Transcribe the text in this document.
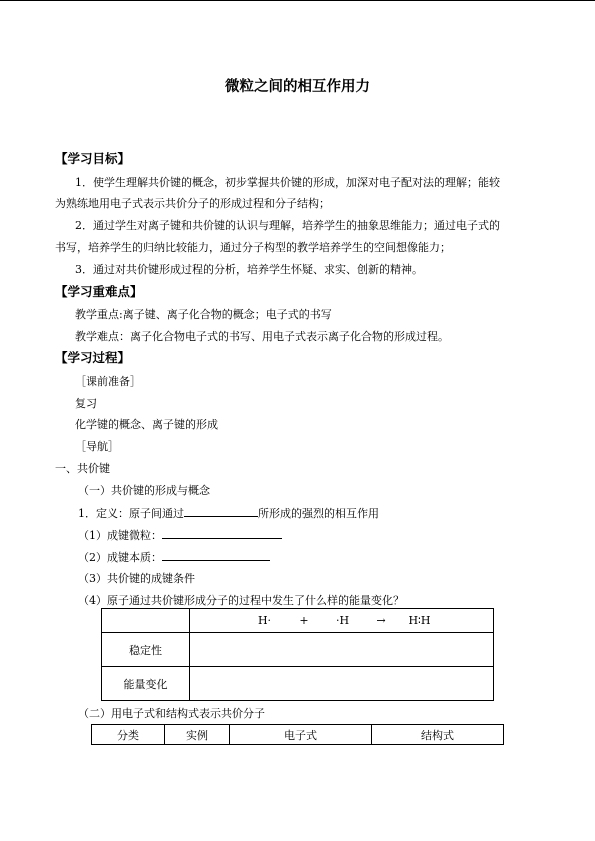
微粒之间的相互作用力
【学习目标】
1．使学生理解共价键的概念，初步掌握共价键的形成，加深对电子配对法的理解；能较
为熟练地用电子式表示共价分子的形成过程和分子结构；
2．通过学生对离子键和共价键的认识与理解，培养学生的抽象思维能力；通过电子式的
书写，培养学生的归纳比较能力，通过分子构型的教学培养学生的空间想像能力；
3．通过对共价键形成过程的分析，培养学生怀疑、求实、创新的精神。
【学习重难点】
教学重点:离子键、离子化合物的概念；电子式的书写
教学难点：离子化合物电子式的书写、用电子式表示离子化合物的形成过程。
【学习过程】
［课前准备］
复习
化学键的概念、离子键的形成
［导航］
一、共价键
（一）共价键的形成与概念
1．定义：原子间通过	所形成的强烈的相互作用
（1）成键微粒：
（2）成键本质：
（3）共价键的成键条件
（4）原子通过共价键形成分子的过程中发生了什么样的能量变化？
	H· + ·H → H∶H
稳定性	
能量变化	
（二）用电子式和结构式表示共价分子
分类	实例	电子式	结构式
